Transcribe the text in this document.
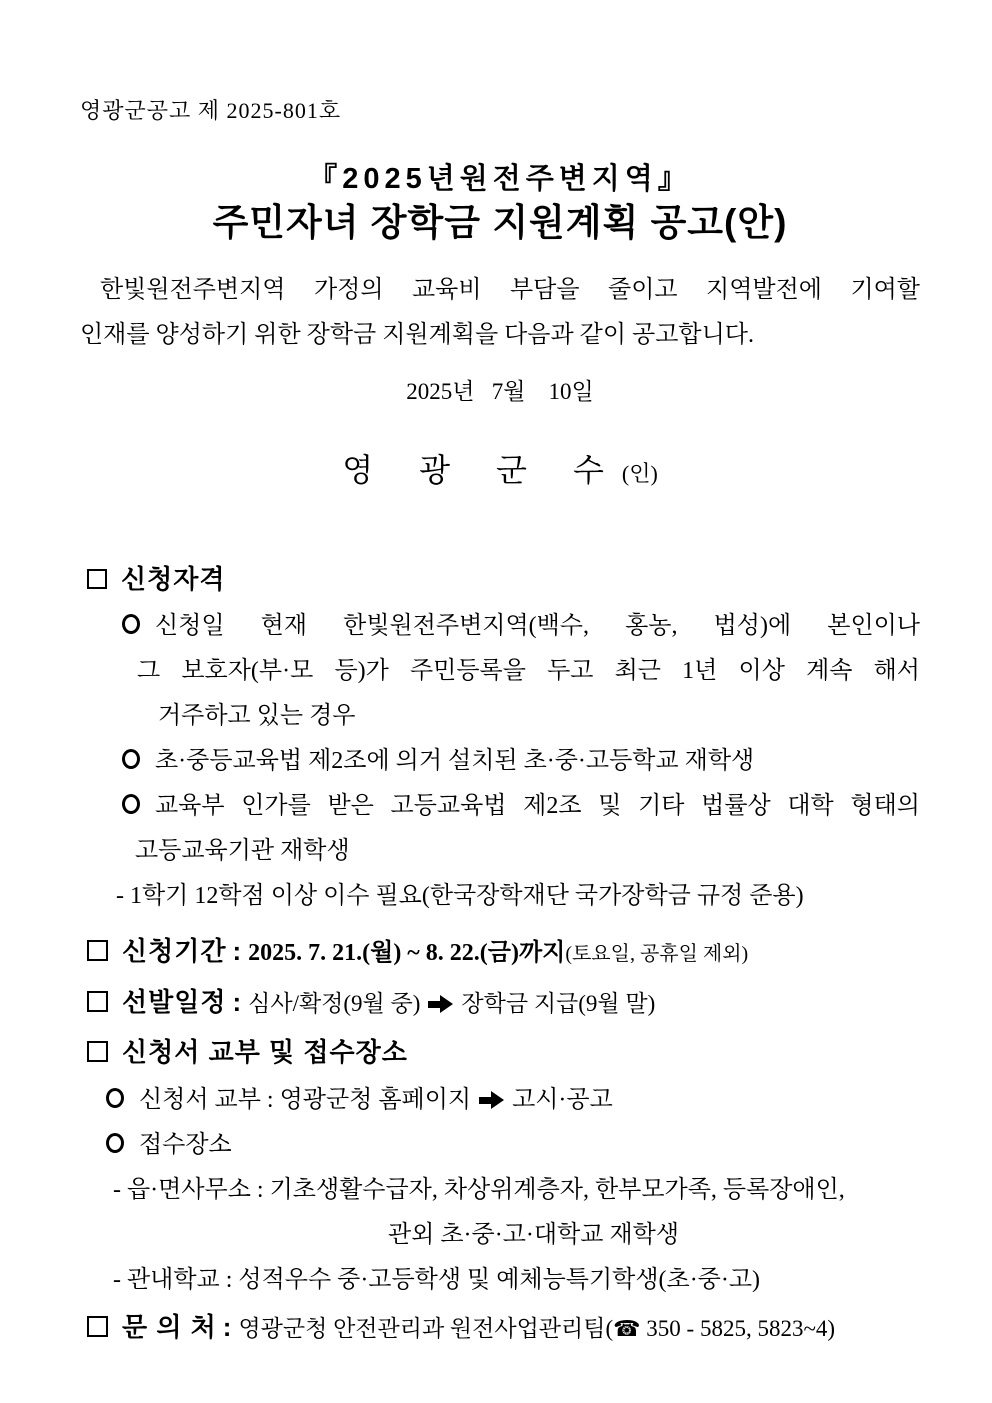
영광군공고 제 2025-801호
『2025년원전주변지역』
주민자녀 장학금 지원계획 공고(안)
한빛원전주변지역 가정의 교육비 부담을 줄이고 지역발전에 기여할
인재를 양성하기 위한 장학금 지원계획을 다음과 같이 공고합니다.
2025년   7월    10일
영  광  군  수 (인)
신청자격
신청일 현재 한빛원전주변지역(백수, 홍농, 법성)에 본인이나
그 보호자(부·모 등)가 주민등록을 두고 최근 1년 이상 계속 해서
거주하고 있는 경우
초·중등교육법 제2조에 의거 설치된 초·중·고등학교 재학생
교육부 인가를 받은 고등교육법 제2조 및 기타 법률상 대학 형태의
고등교육기관 재학생
- 1학기 12학점 이상 이수 필요(한국장학재단 국가장학금 규정 준용)
신청기간 : 2025. 7. 21.(월) ~ 8. 22.(금)까지(토요일, 공휴일 제외)
선발일정 : 심사/확정(9월 중) 장학금 지급(9월 말)
신청서 교부 및 접수장소
신청서 교부 : 영광군청 홈페이지 고시·공고
접수장소
- 읍·면사무소 : 기초생활수급자, 차상위계층자, 한부모가족, 등록장애인,
관외 초·중·고·대학교 재학생
- 관내학교 : 성적우수 중·고등학생 및 예체능특기학생(초·중·고)
문 의 처 : 영광군청 안전관리과 원전사업관리팀(☎ 350 - 5825, 5823~4)
